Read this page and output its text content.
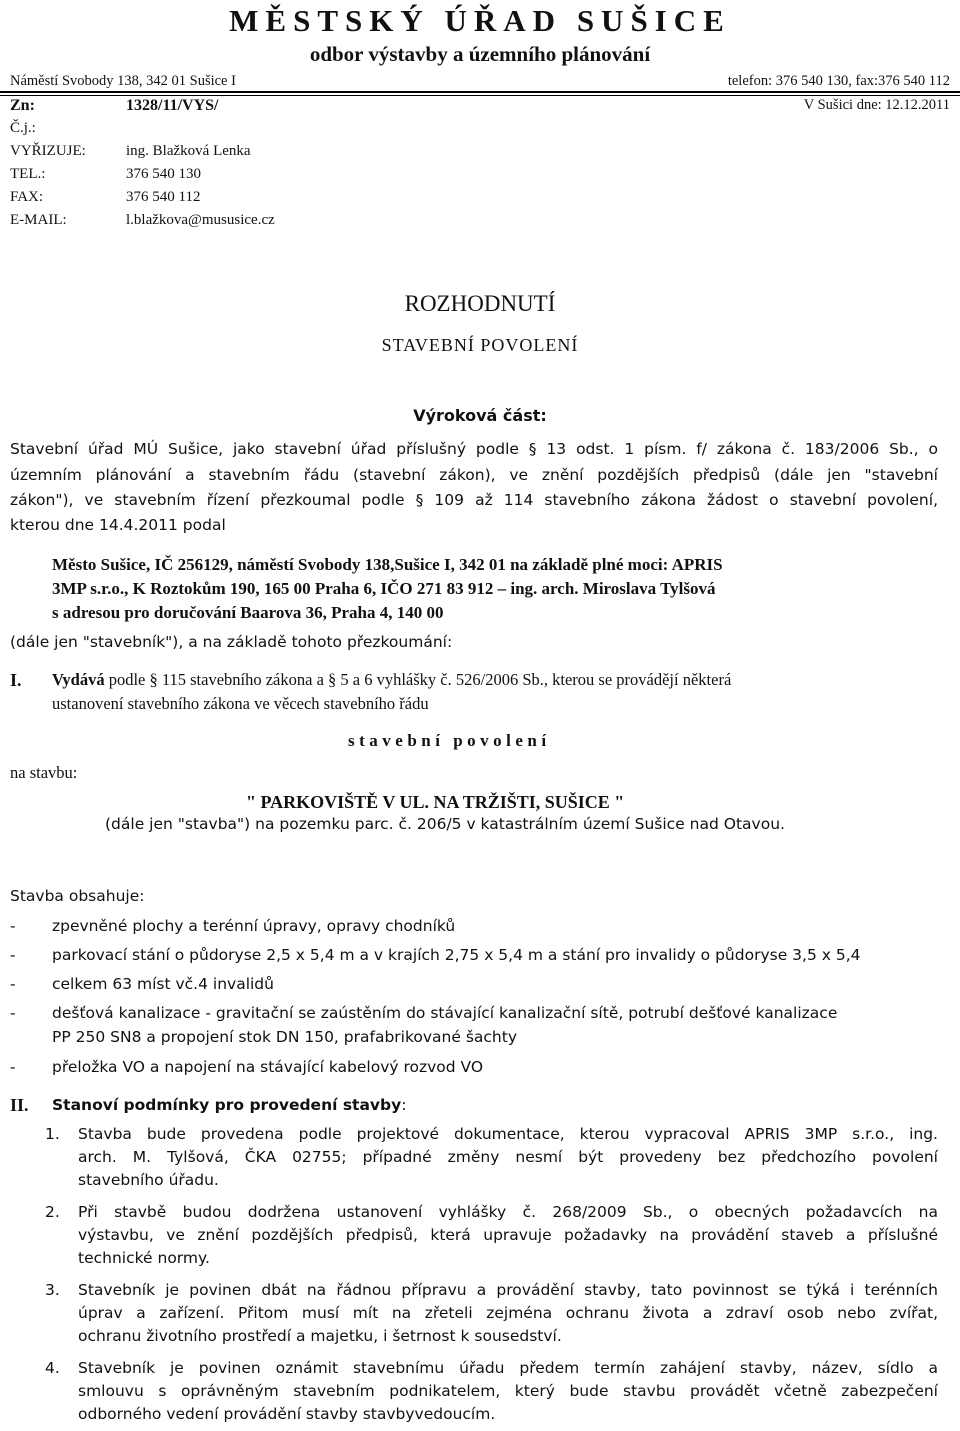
MĚSTSKÝ ÚŘAD SUŠICE
odbor výstavby a územního plánování
Náměstí Svobody 138, 342 01 Sušice I	telefon: 376 540 130, fax:376 540 112
Zn:	1328/11/VYS/	V Sušici dne: 12.12.2011
Č.j.:
VYŘIZUJE:	ing. Blažková Lenka
TEL.:	376 540 130
FAX:	376 540 112
E-MAIL:	l.blažkova@mususice.cz
ROZHODNUTÍ
STAVEBNÍ POVOLENÍ
Výroková část:
Stavební úřad MÚ Sušice, jako stavební úřad příslušný podle § 13 odst. 1 písm. f/ zákona č. 183/2006 Sb., o
územním plánování a stavebním řádu (stavební zákon), ve znění pozdějších předpisů (dále jen "stavební
zákon"), ve stavebním řízení přezkoumal podle § 109 až 114 stavebního zákona žádost o stavební povolení,
kterou dne 14.4.2011 podal
Město Sušice, IČ 256129, náměstí Svobody 138,Sušice I, 342 01 na základě plné moci: APRIS
3MP s.r.o., K Roztokům 190, 165 00 Praha 6, IČO 271 83 912 – ing. arch. Miroslava Tylšová
s adresou pro doručování Baarova 36, Praha 4, 140 00
(dále jen "stavebník"), a na základě tohoto přezkoumání:
I. Vydává podle § 115 stavebního zákona a § 5 a 6 vyhlášky č. 526/2006 Sb., kterou se provádějí některá
ustanovení stavebního zákona ve věcech stavebního řádu
stavební povolení
na stavbu:
" PARKOVIŠTĚ V UL. NA TRŽIŠTI, SUŠICE "
(dále jen "stavba") na pozemku parc. č. 206/5 v katastrálním území Sušice nad Otavou.
Stavba obsahuje:
- zpevněné plochy a terénní úpravy, opravy chodníků
- parkovací stání o půdoryse 2,5 x 5,4 m a v krajích 2,75 x 5,4 m a stání pro invalidy o půdoryse 3,5 x 5,4
- celkem 63 míst vč.4 invalidů
- dešťová kanalizace - gravitační se zaústěním do stávající kanalizační sítě, potrubí dešťové kanalizace
PP 250 SN8 a propojení stok DN 150, prafabrikované šachty
- přeložka VO a napojení na stávající kabelový rozvod VO
II. Stanoví podmínky pro provedení stavby:
1. Stavba bude provedena podle projektové dokumentace, kterou vypracoval APRIS 3MP s.r.o., ing.
arch. M. Tylšová, ČKA 02755; případné změny nesmí být provedeny bez předchozího povolení
stavebního úřadu.
2. Při stavbě budou dodržena ustanovení vyhlášky č. 268/2009 Sb., o obecných požadavcích na
výstavbu, ve znění pozdějších předpisů, která upravuje požadavky na provádění staveb a příslušné
technické normy.
3. Stavebník je povinen dbát na řádnou přípravu a provádění stavby, tato povinnost se týká i terénních
úprav a zařízení. Přitom musí mít na zřeteli zejména ochranu života a zdraví osob nebo zvířat,
ochranu životního prostředí a majetku, i šetrnost k sousedství.
4. Stavebník je povinen oznámit stavebnímu úřadu předem termín zahájení stavby, název, sídlo a
smlouvu s oprávněným stavebním podnikatelem, který bude stavbu provádět včetně zabezpečení
odborného vedení provádění stavby stavbyvedoucím.
